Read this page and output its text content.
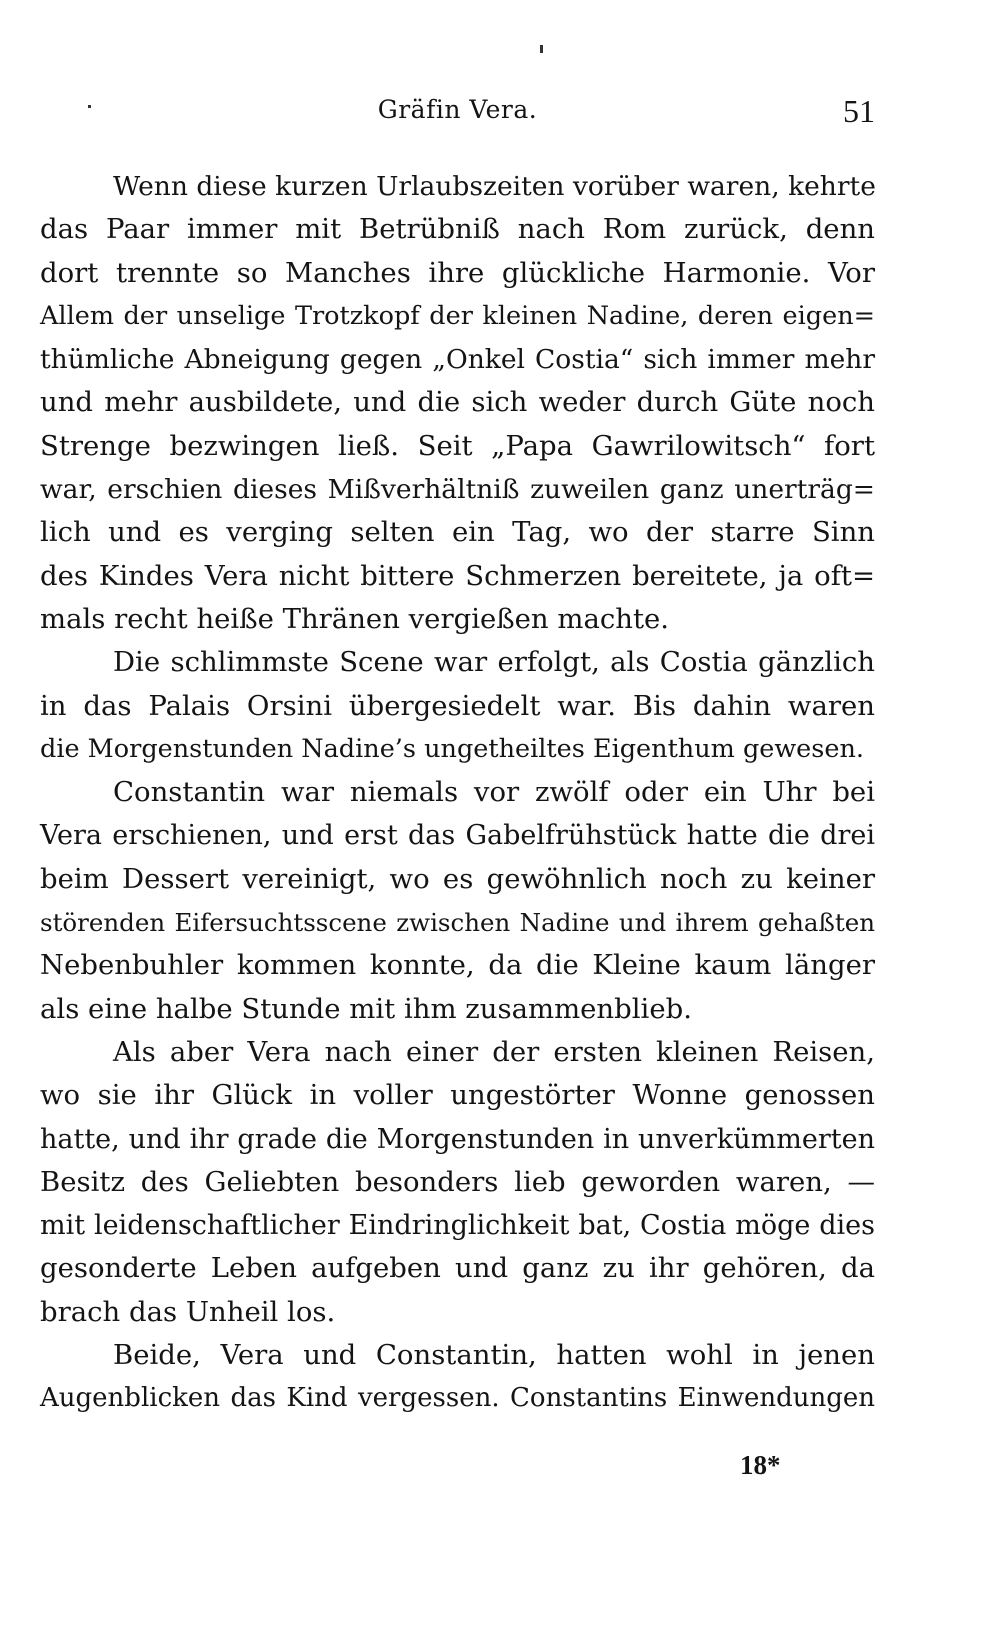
Gräfin Vera.	51
Wenn diese kurzen Urlaubszeiten vorüber waren, kehrte
das Paar immer mit Betrübniß nach Rom zurück, denn
dort trennte so Manches ihre glückliche Harmonie. Vor
Allem der unselige Trotzkopf der kleinen Nadine, deren eigen=
thümliche Abneigung gegen „Onkel Costia“ sich immer mehr
und mehr ausbildete, und die sich weder durch Güte noch
Strenge bezwingen ließ. Seit „Papa Gawrilowitsch“ fort
war, erschien dieses Mißverhältniß zuweilen ganz unerträg=
lich und es verging selten ein Tag, wo der starre Sinn
des Kindes Vera nicht bittere Schmerzen bereitete, ja oft=
mals recht heiße Thränen vergießen machte.
Die schlimmste Scene war erfolgt, als Costia gänzlich
in das Palais Orsini übergesiedelt war. Bis dahin waren
die Morgenstunden Nadine’s ungetheiltes Eigenthum gewesen.
Constantin war niemals vor zwölf oder ein Uhr bei
Vera erschienen, und erst das Gabelfrühstück hatte die drei
beim Dessert vereinigt, wo es gewöhnlich noch zu keiner
störenden Eifersuchtsscene zwischen Nadine und ihrem gehaßten
Nebenbuhler kommen konnte, da die Kleine kaum länger
als eine halbe Stunde mit ihm zusammenblieb.
Als aber Vera nach einer der ersten kleinen Reisen,
wo sie ihr Glück in voller ungestörter Wonne genossen
hatte, und ihr grade die Morgenstunden in unverkümmerten
Besitz des Geliebten besonders lieb geworden waren, —
mit leidenschaftlicher Eindringlichkeit bat, Costia möge dies
gesonderte Leben aufgeben und ganz zu ihr gehören, da
brach das Unheil los.
Beide, Vera und Constantin, hatten wohl in jenen
Augenblicken das Kind vergessen. Constantins Einwendungen
18*
